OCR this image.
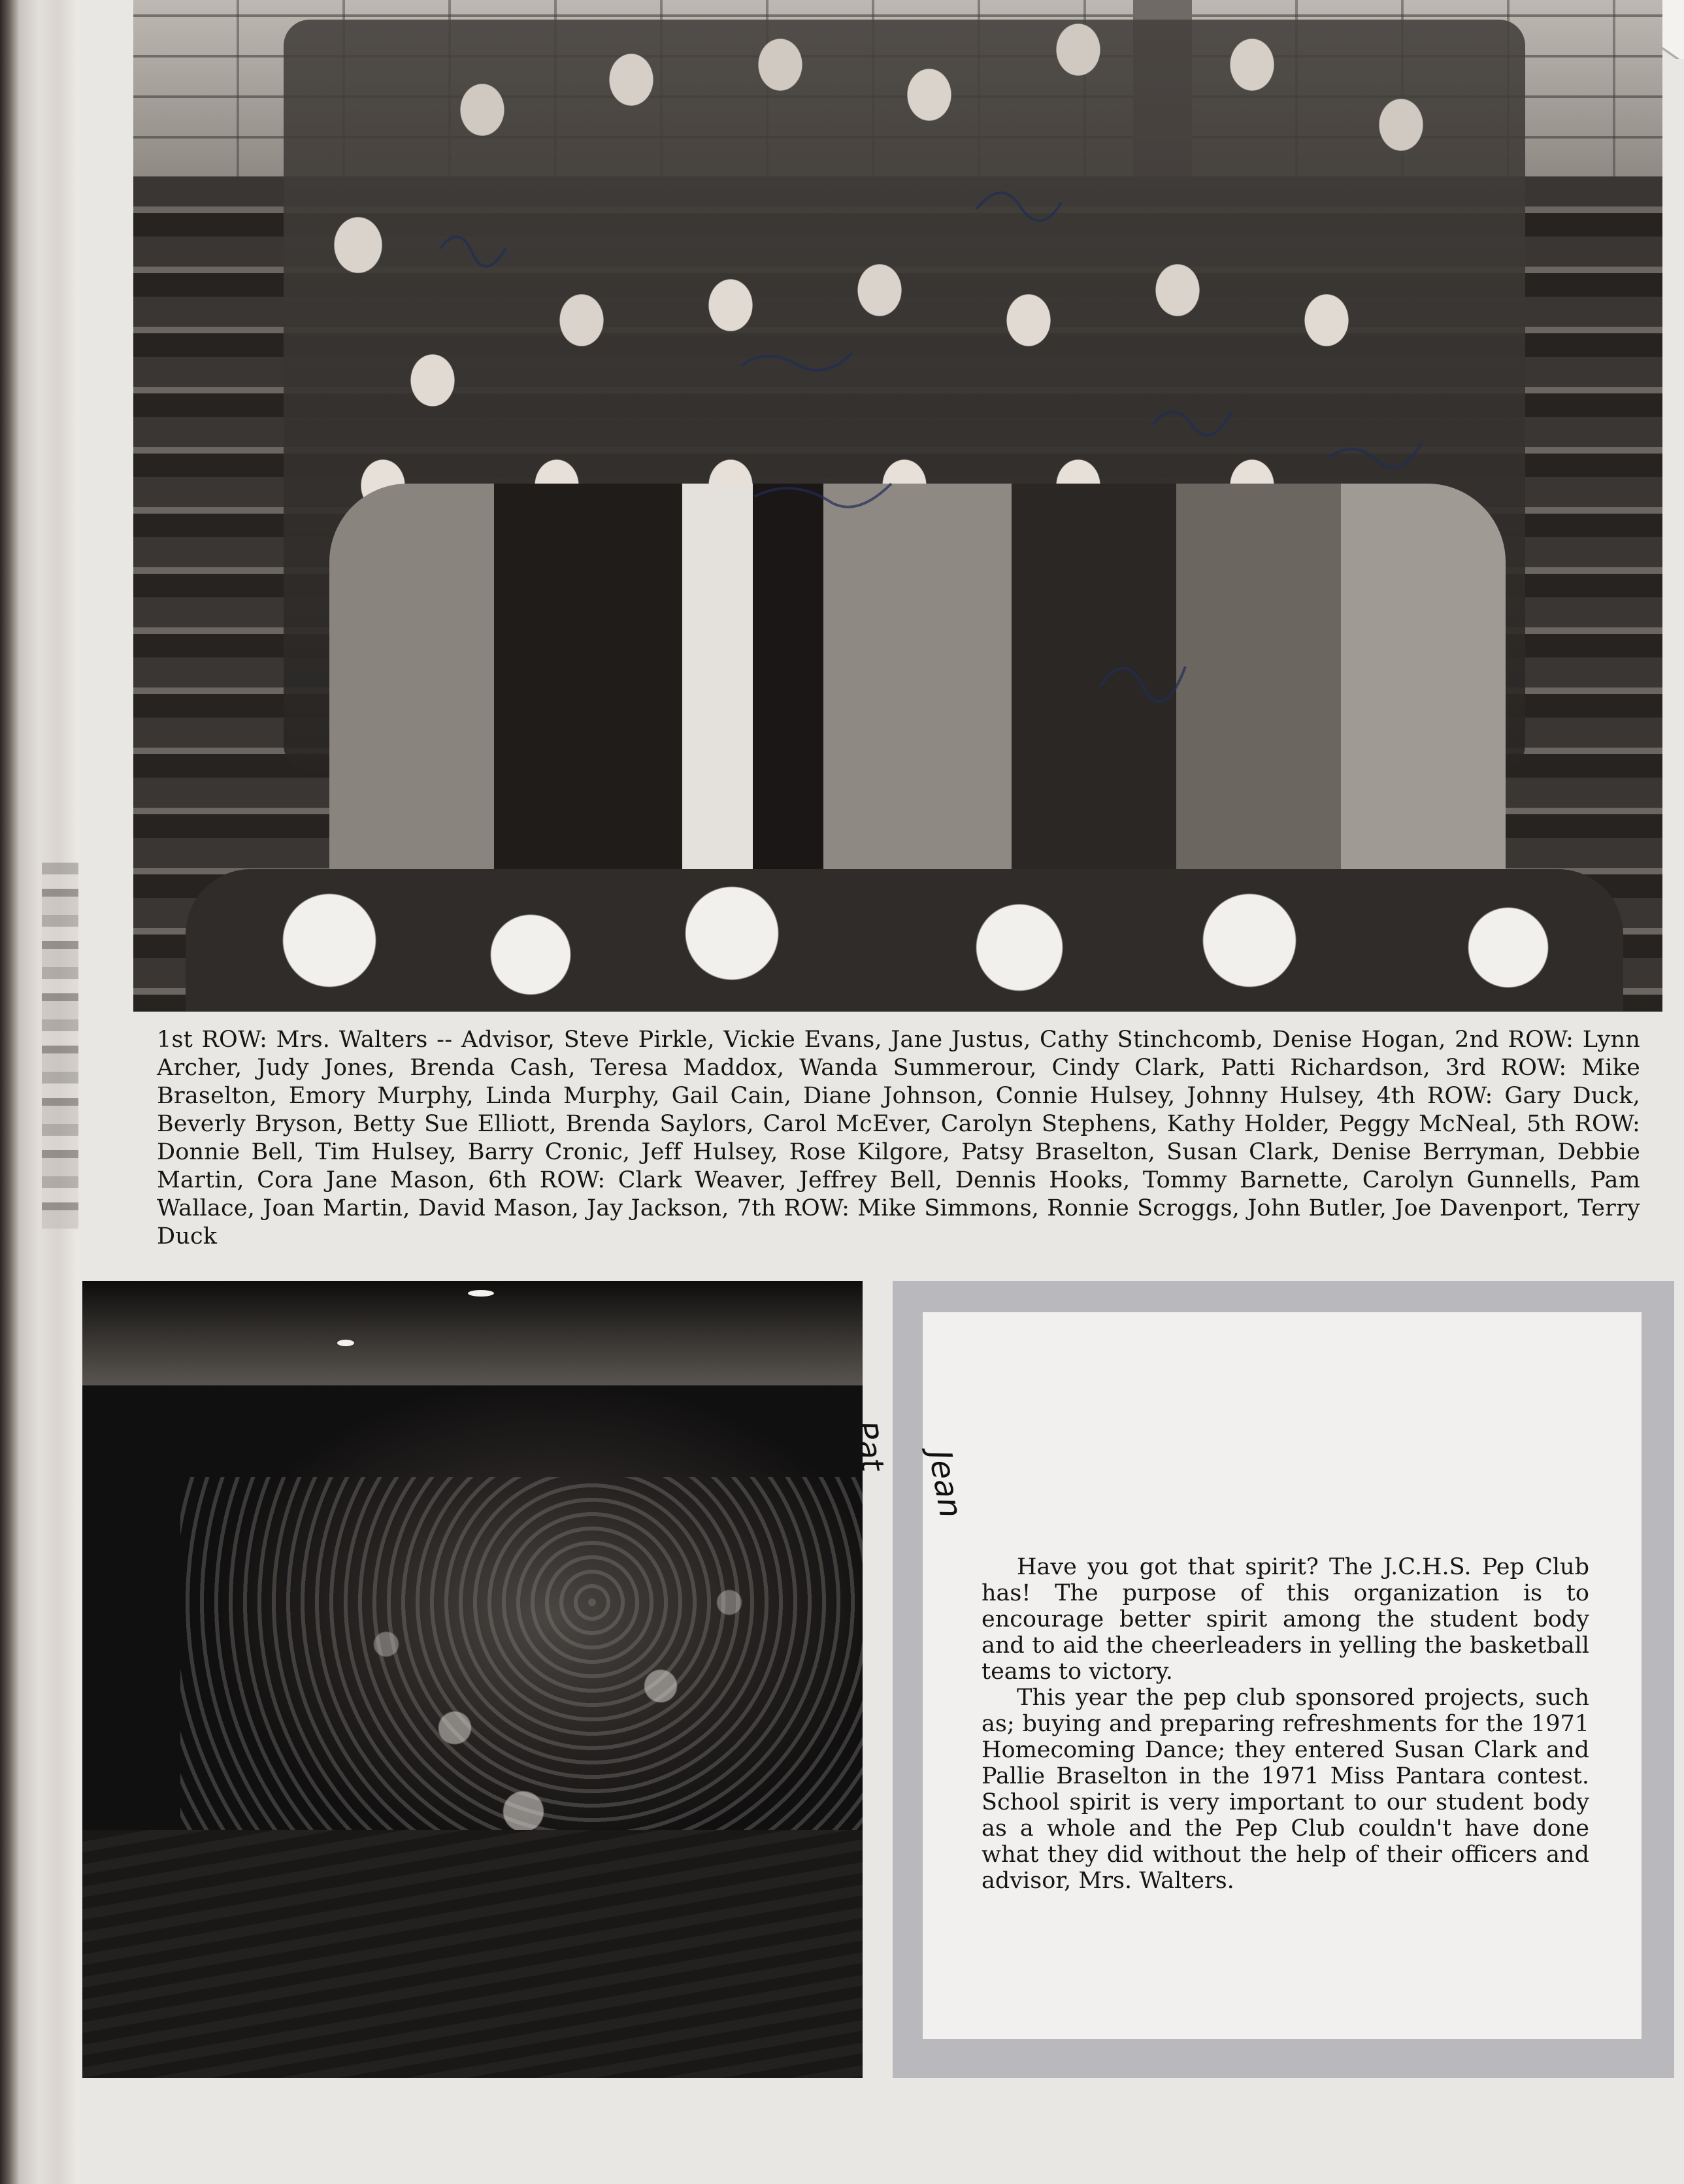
1st ROW: Mrs. Walters -- Advisor, Steve Pirkle, Vickie Evans, Jane Justus, Cathy Stinchcomb, Denise Hogan, 2nd ROW: Lynn Archer, Judy Jones, Brenda Cash, Teresa Maddox, Wanda Summerour, Cindy Clark, Patti Richardson, 3rd ROW: Mike Braselton, Emory Murphy, Linda Murphy, Gail Cain, Diane Johnson, Connie Hulsey, Johnny Hulsey, 4th ROW: Gary Duck, Beverly Bryson, Betty Sue Elliott, Brenda Saylors, Carol McEver, Carolyn Stephens, Kathy Holder, Peggy McNeal, 5th ROW: Donnie Bell, Tim Hulsey, Barry Cronic, Jeff Hulsey, Rose Kilgore, Patsy Braselton, Susan Clark, Denise Berryman, Debbie Martin, Cora Jane Mason, 6th ROW: Clark Weaver, Jeffrey Bell, Dennis Hooks, Tommy Barnette, Carolyn Gunnells, Pam Wallace, Joan Martin, David Mason, Jay Jackson, 7th ROW: Mike Simmons, Ronnie Scroggs, John Butler, Joe Davenport, Terry Duck

Have you got that spirit? The J.C.H.S. Pep Club has! The purpose of this organization is to encourage better spirit among the student body and to aid the cheerleaders in yelling the basketball teams to victory.

This year the pep club sponsored projects, such as; buying and preparing refreshments for the 1971 Homecoming Dance; they entered Susan Clark and Pallie Braselton in the 1971 Miss Pantara contest. School spirit is very important to our student body as a whole and the Pep Club couldn't have done what they did without the help of their officers and advisor, Mrs. Walters.

Pat
Jean
